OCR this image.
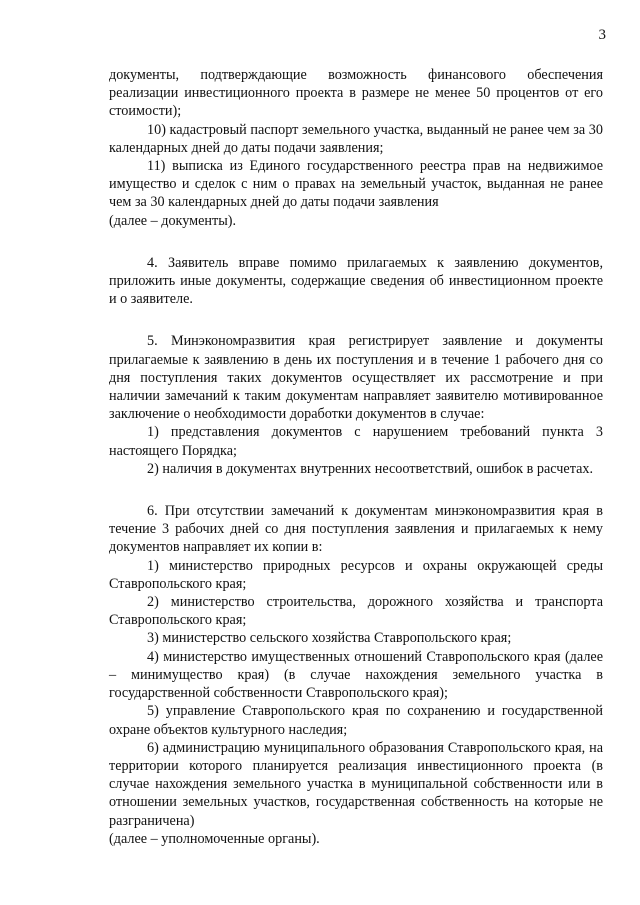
3

документы, подтверждающие возможность финансового обеспечения реализации инвестиционного проекта в размере не менее 50 процентов от его стоимости);

10) кадастровый паспорт земельного участка, выданный не ранее чем за 30 календарных дней до даты подачи заявления;

11) выписка из Единого государственного реестра прав на недвижимое имущество и сделок с ним о правах на земельный участок, выданная не ранее чем за 30 календарных дней до даты подачи заявления

(далее – документы).

4. Заявитель вправе помимо прилагаемых к заявлению документов, приложить иные документы, содержащие сведения об инвестиционном проекте и о заявителе.

5. Минэкономразвития края регистрирует заявление и документы прилагаемые к заявлению в день их поступления и в течение 1 рабочего дня со дня поступления таких документов осуществляет их рассмотрение и при наличии замечаний к таким документам направляет заявителю мотивированное заключение о необходимости доработки документов в случае:

1) представления документов с нарушением требований пункта 3 настоящего Порядка;

2) наличия в документах внутренних несоответствий, ошибок в расчетах.

6. При отсутствии замечаний к документам минэкономразвития края в течение 3 рабочих дней со дня поступления заявления и прилагаемых к нему документов направляет их копии в:

1) министерство природных ресурсов и охраны окружающей среды Ставропольского края;

2) министерство строительства, дорожного хозяйства и транспорта Ставропольского края;

3) министерство сельского хозяйства Ставропольского края;

4) министерство имущественных отношений Ставропольского края (далее – минимущество края) (в случае нахождения земельного участка в государственной собственности Ставропольского края);

5) управление Ставропольского края по сохранению и государственной охране объектов культурного наследия;

6) администрацию муниципального образования Ставропольского края, на территории которого планируется реализация инвестиционного проекта (в случае нахождения земельного участка в муниципальной собственности или в отношении земельных участков, государственная собственность на которые не разграничена)

(далее – уполномоченные органы).
